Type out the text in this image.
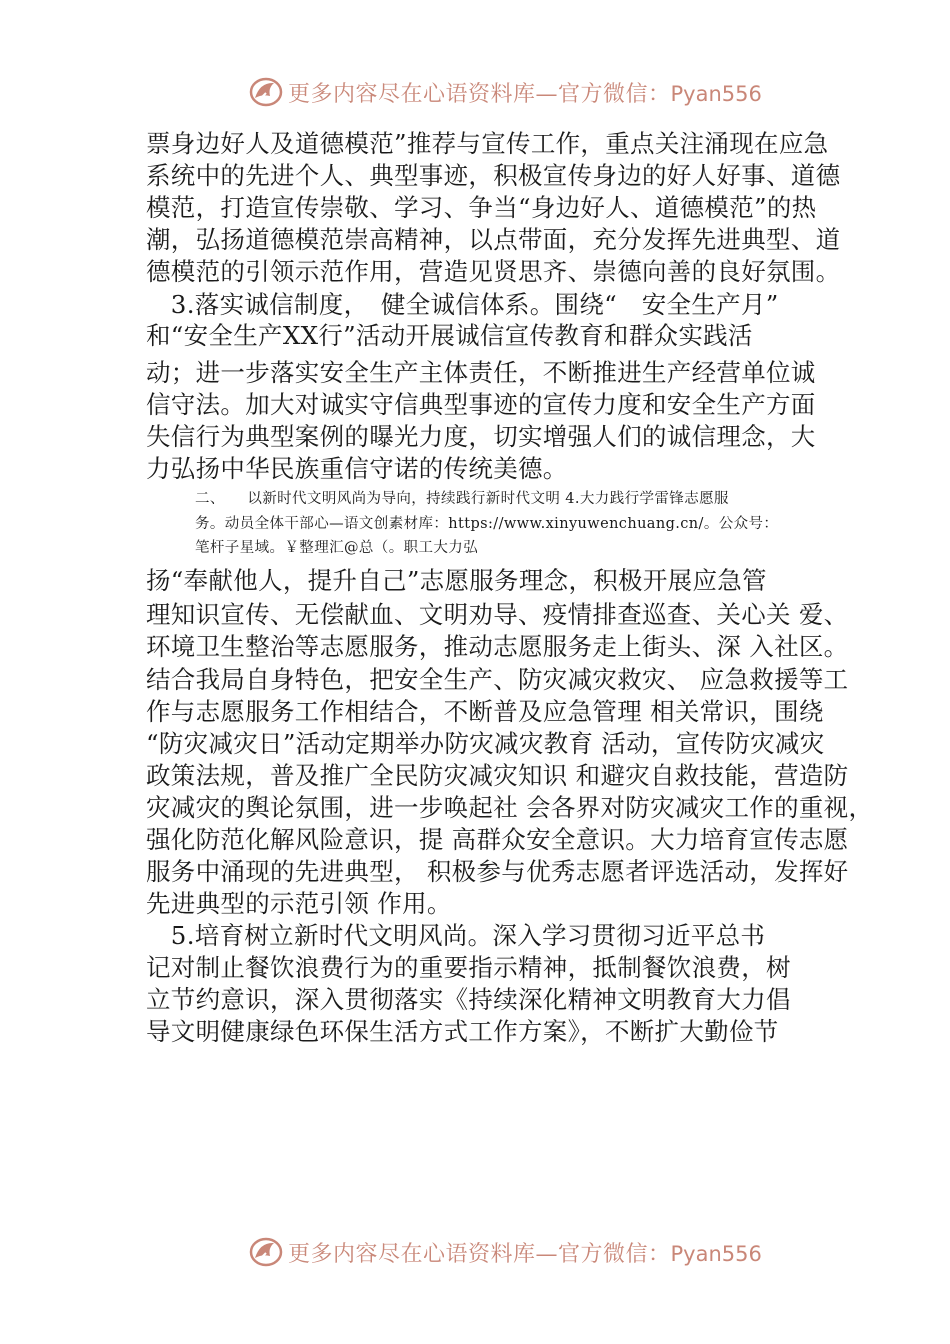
更多内容尽在心语资料库—官方微信：Pyan556
票身边好人及道德模范”推荐与宣传工作，重点关注涌现在应急
系统中的先进个人、典型事迹，积极宣传身边的好人好事、道德
模范，打造宣传崇敬、学习、争当“身边好人、道德模范”的热
潮，弘扬道德模范崇高精神，以点带面，充分发挥先进典型、道
德模范的引领示范作用，营造见贤思齐、崇德向善的良好氛围。
　3.落实诚信制度，　健全诚信体系。围绕“　安全生产月”
和“安全生产XX行”活动开展诚信宣传教育和群众实践活
动；进一步落实安全生产主体责任，不断推进生产经营单位诚
信守法。加大对诚实守信典型事迹的宣传力度和安全生产方面
失信行为典型案例的曝光力度，切实增强人们的诚信理念，大
力弘扬中华民族重信守诺的传统美德。
二、　　以新时代文明风尚为导向，持续践行新时代文明 4.大力践行学雷锋志愿服
务。动员全体干部心—语文创素材库：https://www.xinyuwenchuang.cn/。公众号：
笔杆子星域。￥整理汇@总（。职工大力弘
扬“奉献他人，提升自己”志愿服务理念，积极开展应急管
理知识宣传、无偿献血、文明劝导、疫情排查巡查、关心关 爱、
环境卫生整治等志愿服务，推动志愿服务走上街头、深 入社区。
结合我局自身特色，把安全生产、防灾减灾救灾、 应急救援等工
作与志愿服务工作相结合，不断普及应急管理 相关常识，围绕
“防灾减灾日”活动定期举办防灾减灾教育 活动，宣传防灾减灾
政策法规，普及推广全民防灾减灾知识 和避灾自救技能，营造防
灾减灾的舆论氛围，进一步唤起社 会各界对防灾减灾工作的重视，
强化防范化解风险意识，提 高群众安全意识。大力培育宣传志愿
服务中涌现的先进典型， 积极参与优秀志愿者评选活动，发挥好
先进典型的示范引领 作用。
　5.培育树立新时代文明风尚。深入学习贯彻习近平总书
记对制止餐饮浪费行为的重要指示精神，抵制餐饮浪费，树
立节约意识，深入贯彻落实《持续深化精神文明教育大力倡
导文明健康绿色环保生活方式工作方案》，不断扩大勤俭节
更多内容尽在心语资料库—官方微信：Pyan556
